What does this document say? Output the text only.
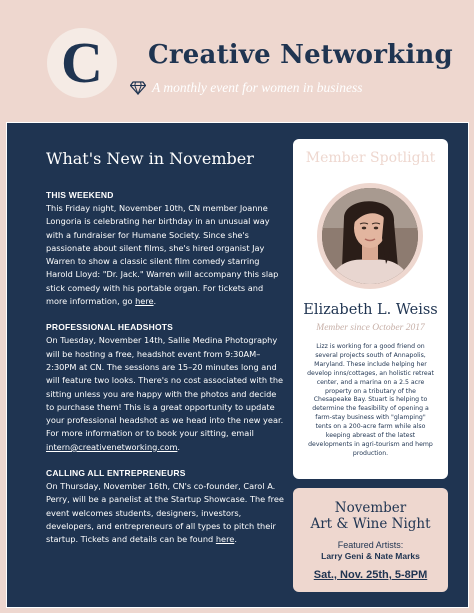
C	Creative Networking
A monthly event for women in business
What's New in November
THIS WEEKEND
This Friday night, November 10th, CN member Joanne Longoria is celebrating her birthday in an unusual way with a fundraiser for Humane Society. Since she's passionate about silent films, she's hired organist Jay Warren to show a classic silent film comedy starring Harold Lloyd: "Dr. Jack." Warren will accompany this slap stick comedy with his portable organ. For tickets and more information, go here.
PROFESSIONAL HEADSHOTS
On Tuesday, November 14th, Sallie Medina Photography will be hosting a free, headshot event from 9:30AM–2:30PM at CN. The sessions are 15–20 minutes long and will feature two looks. There's no cost associated with the sitting unless you are happy with the photos and decide to purchase them! This is a great opportunity to update your professional headshot as we head into the new year. For more information or to book your sitting, email intern@creativenetworking.com.
CALLING ALL ENTREPRENEURS
On Thursday, November 16th, CN's co-founder, Carol A. Perry, will be a panelist at the Startup Showcase. The free event welcomes students, designers, investors, developers, and entrepreneurs of all types to pitch their startup. Tickets and details can be found here.
Member Spotlight
Elizabeth L. Weiss
Member since October 2017
Lizz is working for a good friend on several projects south of Annapolis, Maryland. These include helping her develop inns/cottages, an holistic retreat center, and a marina on a 2.5 acre property on a tributary of the Chesapeake Bay. Stuart is helping to determine the feasibility of opening a farm-stay business with "glamping" tents on a 200-acre farm while also keeping abreast of the latest developments in agri-tourism and hemp production.
November
Art & Wine Night
Featured Artists:
Larry Geni & Nate Marks
Sat., Nov. 25th, 5-8PM
